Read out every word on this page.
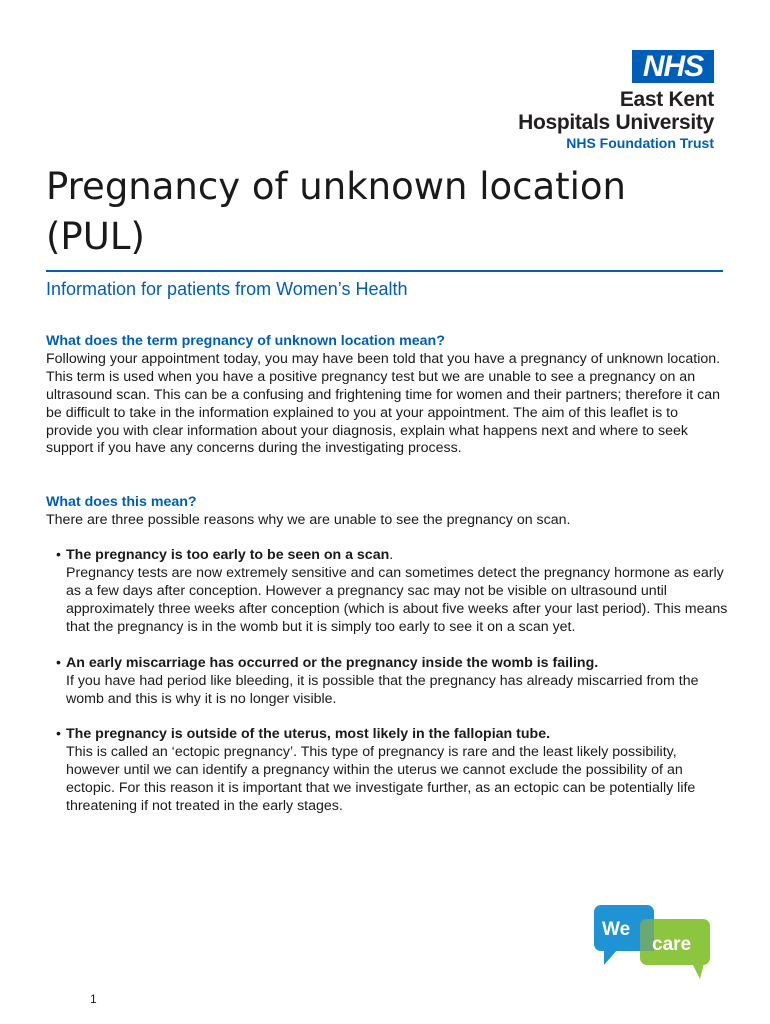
NHS
East Kent
Hospitals University
NHS Foundation Trust
Pregnancy of unknown location (PUL)
Information for patients from Women’s Health

What does the term pregnancy of unknown location mean?

Following your appointment today, you may have been told that you have a pregnancy of unknown location. This term is used when you have a positive pregnancy test but we are unable to see a pregnancy on an ultrasound scan. This can be a confusing and frightening time for women and their partners; therefore it can be difficult to take in the information explained to you at your appointment. The aim of this leaflet is to provide you with clear information about your diagnosis, explain what happens next and where to seek support if you have any concerns during the investigating process.

What does this mean?

There are three possible reasons why we are unable to see the pregnancy on scan.

• The pregnancy is too early to be seen on a scan.
Pregnancy tests are now extremely sensitive and can sometimes detect the pregnancy hormone as early as a few days after conception. However a pregnancy sac may not be visible on ultrasound until approximately three weeks after conception (which is about five weeks after your last period). This means that the pregnancy is in the womb but it is simply too early to see it on a scan yet.
• An early miscarriage has occurred or the pregnancy inside the womb is failing.
If you have had period like bleeding, it is possible that the pregnancy has already miscarried from the womb and this is why it is no longer visible.
• The pregnancy is outside of the uterus, most likely in the fallopian tube.
This is called an ‘ectopic pregnancy’. This type of pregnancy is rare and the least likely possibility, however until we can identify a pregnancy within the uterus we cannot exclude the possibility of an ectopic. For this reason it is important that we investigate further, as an ectopic can be potentially life threatening if not treated in the early stages.
We
care
1
